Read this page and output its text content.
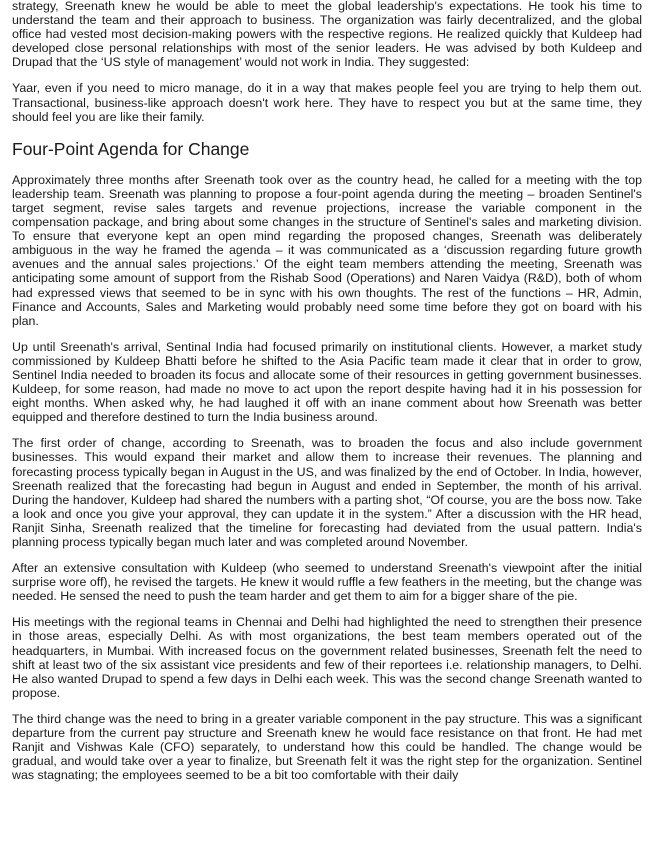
strategy, Sreenath knew he would be able to meet the global leadership's expectations. He took his time to understand the team and their approach to business. The organization was fairly decentralized, and the global office had vested most decision-making powers with the respective regions. He realized quickly that Kuldeep had developed close personal relationships with most of the senior leaders. He was advised by both Kuldeep and Drupad that the ‘US style of management’ would not work in India. They suggested:

Yaar, even if you need to micro manage, do it in a way that makes people feel you are trying to help them out. Transactional, business-like approach doesn't work here. They have to respect you but at the same time, they should feel you are like their family.

Four-Point Agenda for Change

Approximately three months after Sreenath took over as the country head, he called for a meeting with the top leadership team. Sreenath was planning to propose a four-point agenda during the meeting – broaden Sentinel's target segment, revise sales targets and revenue projections, increase the variable component in the compensation package, and bring about some changes in the structure of Sentinel's sales and marketing division. To ensure that everyone kept an open mind regarding the proposed changes, Sreenath was deliberately ambiguous in the way he framed the agenda – it was communicated as a ‘discussion regarding future growth avenues and the annual sales projections.’ Of the eight team members attending the meeting, Sreenath was anticipating some amount of support from the Rishab Sood (Operations) and Naren Vaidya (R&D), both of whom had expressed views that seemed to be in sync with his own thoughts. The rest of the functions – HR, Admin, Finance and Accounts, Sales and Marketing would probably need some time before they got on board with his plan.

Up until Sreenath's arrival, Sentinal India had focused primarily on institutional clients. However, a market study commissioned by Kuldeep Bhatti before he shifted to the Asia Pacific team made it clear that in order to grow, Sentinel India needed to broaden its focus and allocate some of their resources in getting government businesses. Kuldeep, for some reason, had made no move to act upon the report despite having had it in his possession for eight months. When asked why, he had laughed it off with an inane comment about how Sreenath was better equipped and therefore destined to turn the India business around.

The first order of change, according to Sreenath, was to broaden the focus and also include government businesses. This would expand their market and allow them to increase their revenues. The planning and forecasting process typically began in August in the US, and was finalized by the end of October. In India, however, Sreenath realized that the forecasting had begun in August and ended in September, the month of his arrival. During the handover, Kuldeep had shared the numbers with a parting shot, “Of course, you are the boss now. Take a look and once you give your approval, they can update it in the system.” After a discussion with the HR head, Ranjit Sinha, Sreenath realized that the timeline for forecasting had deviated from the usual pattern. India's planning process typically began much later and was completed around November.

After an extensive consultation with Kuldeep (who seemed to understand Sreenath's viewpoint after the initial surprise wore off), he revised the targets. He knew it would ruffle a few feathers in the meeting, but the change was needed. He sensed the need to push the team harder and get them to aim for a bigger share of the pie.

His meetings with the regional teams in Chennai and Delhi had highlighted the need to strengthen their presence in those areas, especially Delhi. As with most organizations, the best team members operated out of the headquarters, in Mumbai. With increased focus on the government related businesses, Sreenath felt the need to shift at least two of the six assistant vice presidents and few of their reportees i.e. relationship managers, to Delhi. He also wanted Drupad to spend a few days in Delhi each week. This was the second change Sreenath wanted to propose.

The third change was the need to bring in a greater variable component in the pay structure. This was a significant departure from the current pay structure and Sreenath knew he would face resistance on that front. He had met Ranjit and Vishwas Kale (CFO) separately, to understand how this could be handled. The change would be gradual, and would take over a year to finalize, but Sreenath felt it was the right step for the organization. Sentinel was stagnating; the employees seemed to be a bit too comfortable with their daily
